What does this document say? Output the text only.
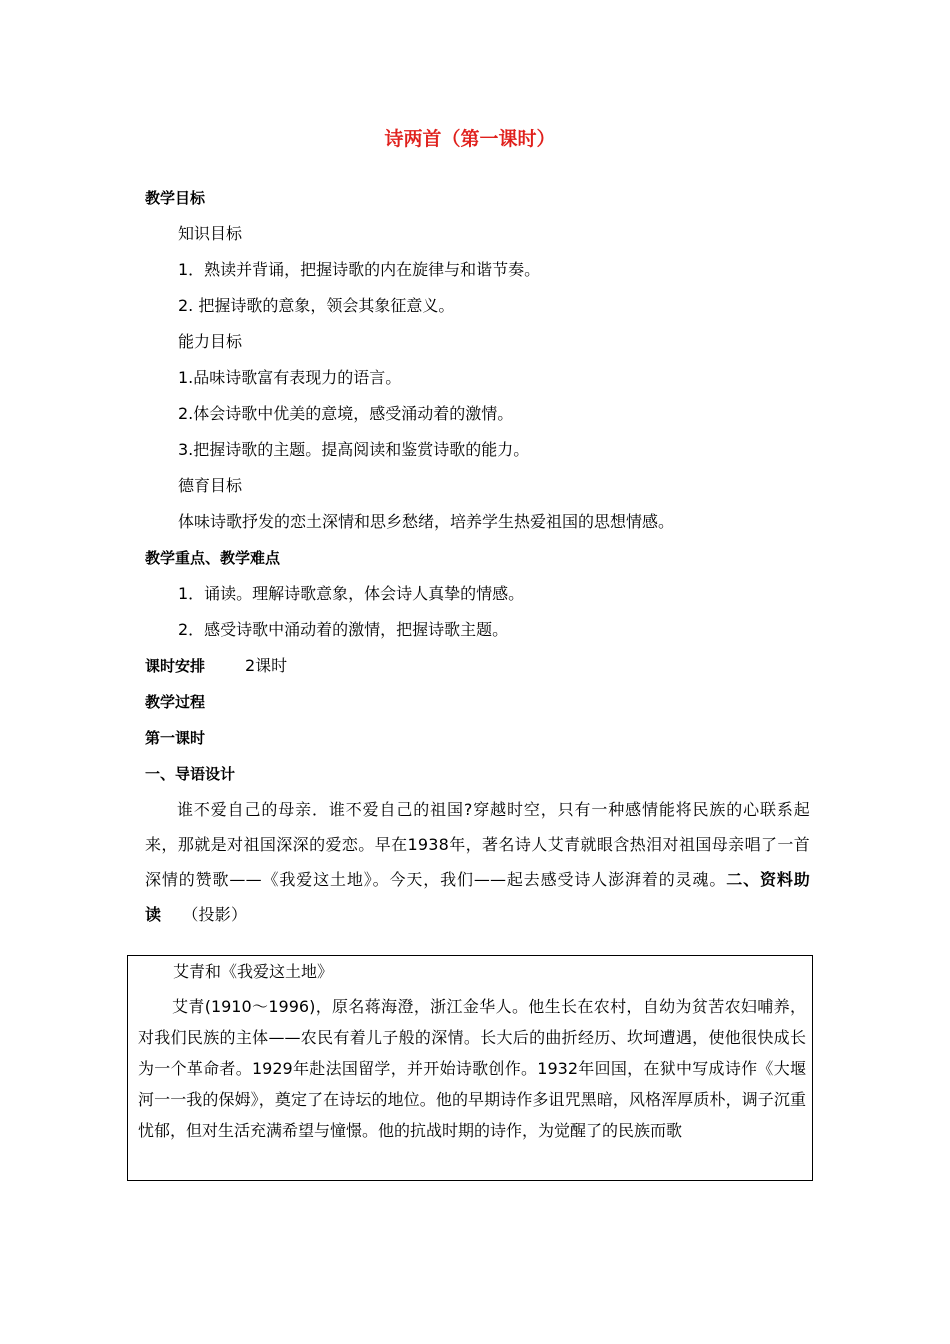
诗两首（第一课时）
教学目标
知识目标
1．熟读并背诵，把握诗歌的内在旋律与和谐节奏。
2. 把握诗歌的意象，领会其象征意义。
能力目标
1.品味诗歌富有表现力的语言。
2.体会诗歌中优美的意境，感受涌动着的激情。
3.把握诗歌的主题。提高阅读和鉴赏诗歌的能力。
德育目标
体味诗歌抒发的恋土深情和思乡愁绪，培养学生热爱祖国的思想情感。
教学重点、教学难点
1．诵读。理解诗歌意象，体会诗人真挚的情感。
2．感受诗歌中涌动着的激情，把握诗歌主题。
课时安排 2课时
教学过程
第一课时
一、导语设计
谁不爱自己的母亲．谁不爱自己的祖国?穿越时空，只有一种感情能将民族的心联系起来，那就是对祖国深深的爱恋。早在1938年，著名诗人艾青就眼含热泪对祖国母亲唱了一首深情的赞歌——《我爱这土地》。今天，我们——起去感受诗人澎湃着的灵魂。二、资料助读 （投影）
艾青和《我爱这土地》
艾青(1910～1996)，原名蒋海澄，浙江金华人。他生长在农村，自幼为贫苦农妇哺养，对我们民族的主体——农民有着儿子般的深情。长大后的曲折经历、坎坷遭遇，使他很快成长为一个革命者。1929年赴法国留学，并开始诗歌创作。1932年回国，在狱中写成诗作《大堰河一一我的保姆》，奠定了在诗坛的地位。他的早期诗作多诅咒黑暗，风格浑厚质朴，调子沉重忧郁，但对生活充满希望与憧憬。他的抗战时期的诗作，为觉醒了的民族而歌
